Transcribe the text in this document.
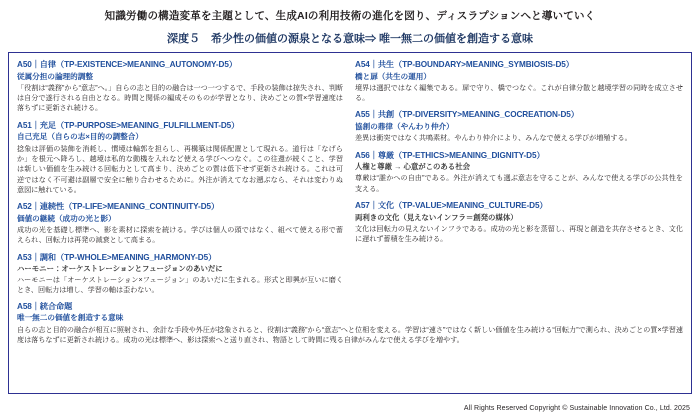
知識労働の構造変革を主題として、生成AIの利用技術の進化を図り、ディスラプションへと導いていく
深度５　希少性の価値の源泉となる意味⇒ 唯一無二の価値を創造する意味
A50｜自律（TP-EXISTENCE>MEANING_AUTONOMY-D5）
従属分担の論理的調整
「役割は“義務”から“意志”へ。」自らの志と目的の融合は一つ一つするで、手段の装飾は掠失され、判断は自分で遂行される自由となる。時間と関係の編成そのものが学習となり、決めごとの質×学習速度は落ちずに更新され続ける。
A51｜充足（TP-PURPOSE>MEANING_FULFILLMENT-D5）
自己充足（自らの志×目的の調整合）
捻象は評価の装飾を消耗し、慣境は輪郭を担らし、再構築は関係配置として現れる。道行は「なげらか」を根元へ降ろし、越境は私的な動機を入れなど使える学びへつなぐ。この往還が続くこと、学習は新しい価値を生み続ける回転力として高まり、決めごとの質は低下せず更新され続ける。これは可逆ではなく不可避は副層で安全に触り合わせるために。外注が消えてなお遡ぶなら、それは変わりぬ意図に触れている。
A52｜連続性（TP-LIFE>MEANING_CONTINUITY-D5）
価値の継続（成功の光と影）
成功の光を基礎し標準へ、影を素材に探索を続ける。学びは個人の頭ではなく、組べて使える形で蓄えられ、回転力は再発の減衰として高まる。
A53｜調和（TP-WHOLE>MEANING_HARMONY-D5）
ハーモニー：オーケストレーションとフュージョンのあいだに
ハーモニーは「オーケストレーション×フュージョン」のあいだに生まれる。形式と即興が互いに磨くとき、回転力は増し、学習の軸は歪わない。
A54｜共生（TP-BOUNDARY>MEANING_SYMBIOSIS-D5）
橋と扉（共生の運用）
境界は選択ではなく編集である。扉で守り、橋でつなぐ。これが自律分散と越境学習の同時を成立させる。
A55｜共創（TP-DIVERSITY>MEANING_COCREATION-D5）
協創の鼎律（やんわり仲介）
差異は衝突ではなく共鳴素材。やんわり仲介により、みんなで使える学びが増殖する。
A56｜尊厳（TP-ETHICS>MEANING_DIGNITY-D5）
人権と尊厳 → 心意がこのある社会
尊厳は“誰かへの自由”である。外注が消えても選ぶ意志を守ることが、みんなで使える学びの公共性を支える。
A57｜文化（TP-VALUE>MEANING_CULTURE-D5）
両利きの文化（見えないインフラ＝創発の媒体）
文化は回転力の見えないインフラである。成功の光と影を蒸留し、再現と創造を共存させるとき、文化に遅れず蓄積を生み続ける。
A58｜統合命題
唯一無二の価値を創造する意味
自らの志と目的の融合が相互に照射され、余計な手段や外圧が捻象されると、役割は“義務”から“意志”へと位相を変える。学習は“速さ”ではなく新しい価値を生み続ける“回転力”で測られ、決めごとの質×学習速度は落ちなずに更新され続ける。成功の光は標準へ、影は探索へと送り直され、物語として時間に残る自律がみんなで使える学びを増やす。
All Rights Reserved Copyright © Sustainable Innovation Co., Ltd. 2025
